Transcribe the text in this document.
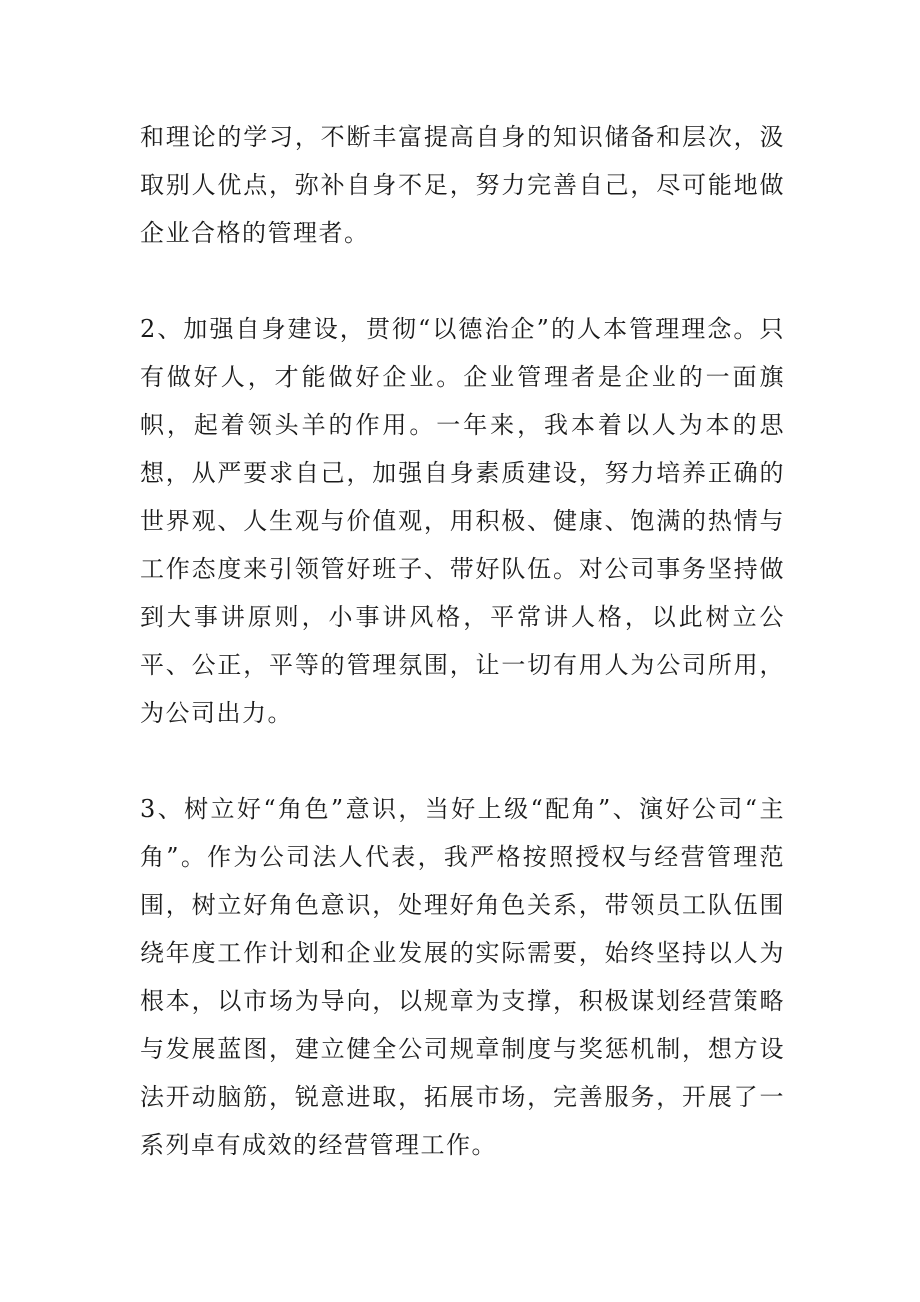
和理论的学习，不断丰富提高自身的知识储备和层次，汲取别人优点，弥补自身不足，努力完善自己，尽可能地做企业合格的管理者。

2、加强自身建设，贯彻“以德治企”的人本管理理念。只有做好人，才能做好企业。企业管理者是企业的一面旗帜，起着领头羊的作用。一年来，我本着以人为本的思想，从严要求自己，加强自身素质建设，努力培养正确的世界观、人生观与价值观，用积极、健康、饱满的热情与工作态度来引领管好班子、带好队伍。对公司事务坚持做到大事讲原则，小事讲风格，平常讲人格，以此树立公平、公正，平等的管理氛围，让一切有用人为公司所用，为公司出力。

3、树立好“角色”意识，当好上级“配角”、演好公司“主角”。作为公司法人代表，我严格按照授权与经营管理范围，树立好角色意识，处理好角色关系，带领员工队伍围绕年度工作计划和企业发展的实际需要，始终坚持以人为根本，以市场为导向，以规章为支撑，积极谋划经营策略与发展蓝图，建立健全公司规章制度与奖惩机制，想方设法开动脑筋，锐意进取，拓展市场，完善服务，开展了一系列卓有成效的经营管理工作。
